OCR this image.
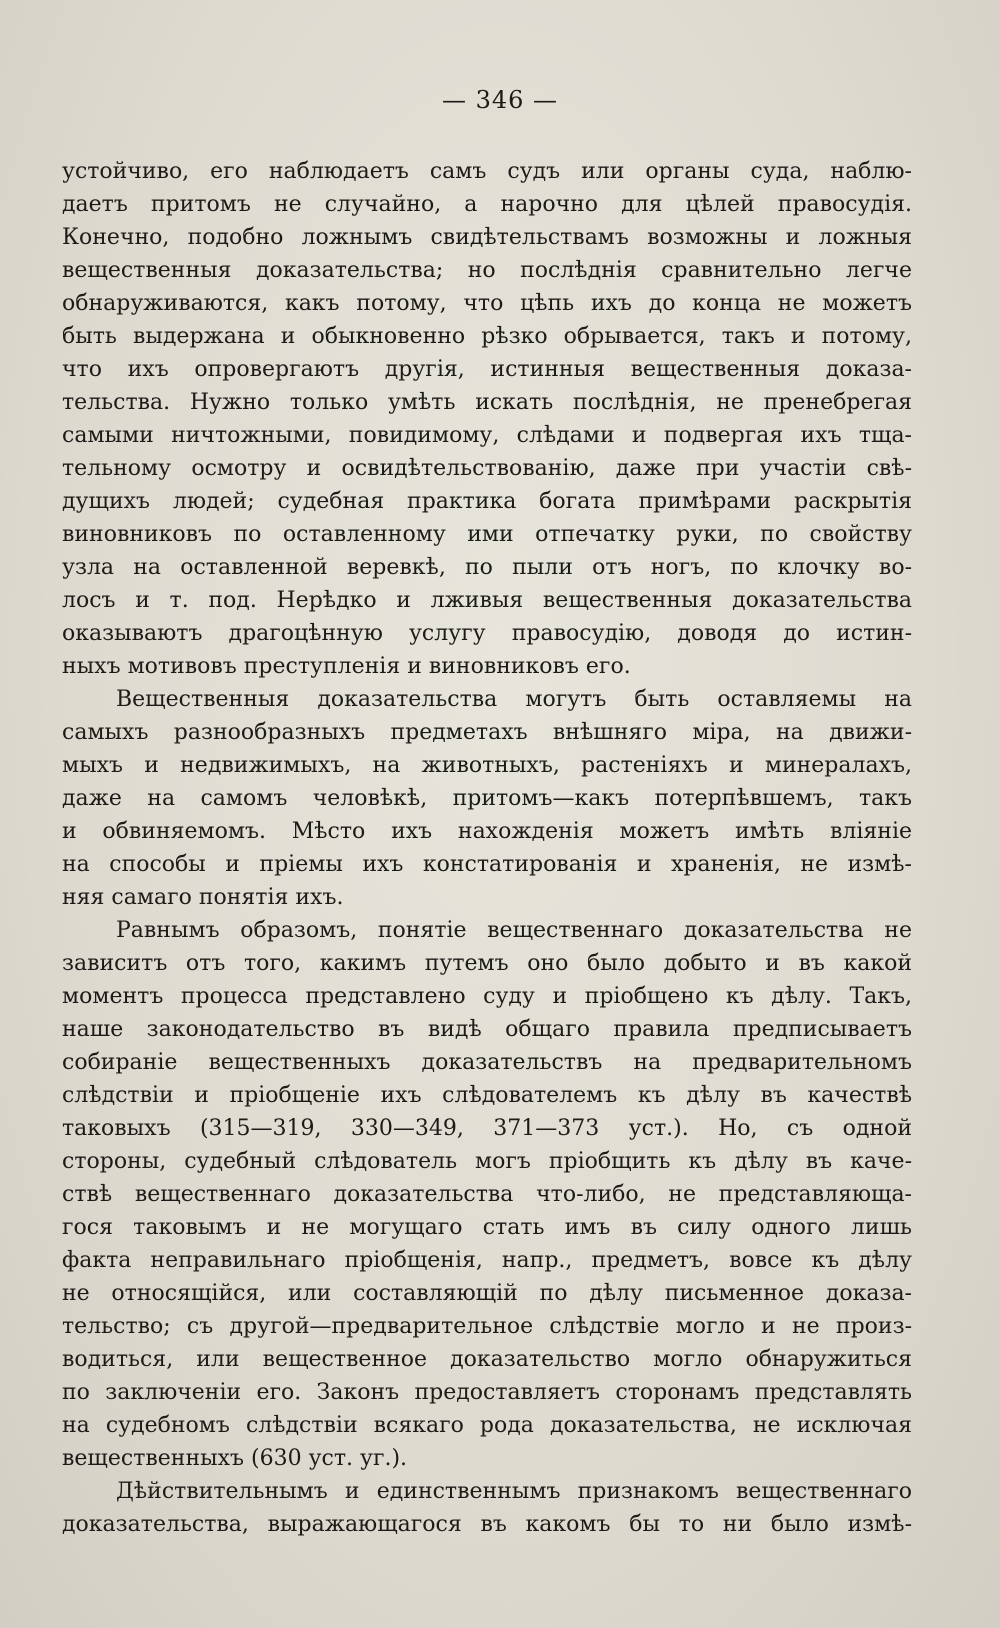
— 346 —

устойчиво, его наблюдаетъ самъ судъ или органы суда, наблю-
даетъ притомъ не случайно, а нарочно для цѣлей правосудія.
Конечно, подобно ложнымъ свидѣтельствамъ возможны и ложныя
вещественныя доказательства; но послѣднія сравнительно легче
обнаруживаются, какъ потому, что цѣпь ихъ до конца не можетъ
быть выдержана и обыкновенно рѣзко обрывается, такъ и потому,
что ихъ опровергаютъ другія, истинныя вещественныя доказа-
тельства. Нужно только умѣть искать послѣднія, не пренебрегая
самыми ничтожными, повидимому, слѣдами и подвергая ихъ тща-
тельному осмотру и освидѣтельствованію, даже при участіи свѣ-
дущихъ людей; судебная практика богата примѣрами раскрытія
виновниковъ по оставленному ими отпечатку руки, по свойству
узла на оставленной веревкѣ, по пыли отъ ногъ, по клочку во-
лосъ и т. под. Нерѣдко и лживыя вещественныя доказательства
оказываютъ драгоцѣнную услугу правосудію, доводя до истин-
ныхъ мотивовъ преступленія и виновниковъ его.

Вещественныя доказательства могутъ быть оставляемы на
самыхъ разнообразныхъ предметахъ внѣшняго міра, на движи-
мыхъ и недвижимыхъ, на животныхъ, растеніяхъ и минералахъ,
даже на самомъ человѣкѣ, притомъ—какъ потерпѣвшемъ, такъ
и обвиняемомъ. Мѣсто ихъ нахожденія можетъ имѣть вліяніе
на способы и пріемы ихъ констатированія и храненія, не измѣ-
няя самаго понятія ихъ.

Равнымъ образомъ, понятіе вещественнаго доказательства не
зависитъ отъ того, какимъ путемъ оно было добыто и въ какой
моментъ процесса представлено суду и пріобщено къ дѣлу. Такъ,
наше законодательство въ видѣ общаго правила предписываетъ
собираніе вещественныхъ доказательствъ на предварительномъ
слѣдствіи и пріобщеніе ихъ слѣдователемъ къ дѣлу въ качествѣ
таковыхъ (315—319, 330—349, 371—373 уст.). Но, съ одной
стороны, судебный слѣдователь могъ пріобщить къ дѣлу въ каче-
ствѣ вещественнаго доказательства что-либо, не представляюща-
гося таковымъ и не могущаго стать имъ въ силу одного лишь
факта неправильнаго пріобщенія, напр., предметъ, вовсе къ дѣлу
не относящійся, или составляющій по дѣлу письменное доказа-
тельство; съ другой—предварительное слѣдствіе могло и не произ-
водиться, или вещественное доказательство могло обнаружиться
по заключеніи его. Законъ предоставляетъ сторонамъ представлять
на судебномъ слѣдствіи всякаго рода доказательства, не исключая
вещественныхъ (630 уст. уг.).

Дѣйствительнымъ и единственнымъ признакомъ вещественнаго
доказательства, выражающагося въ какомъ бы то ни было измѣ-
